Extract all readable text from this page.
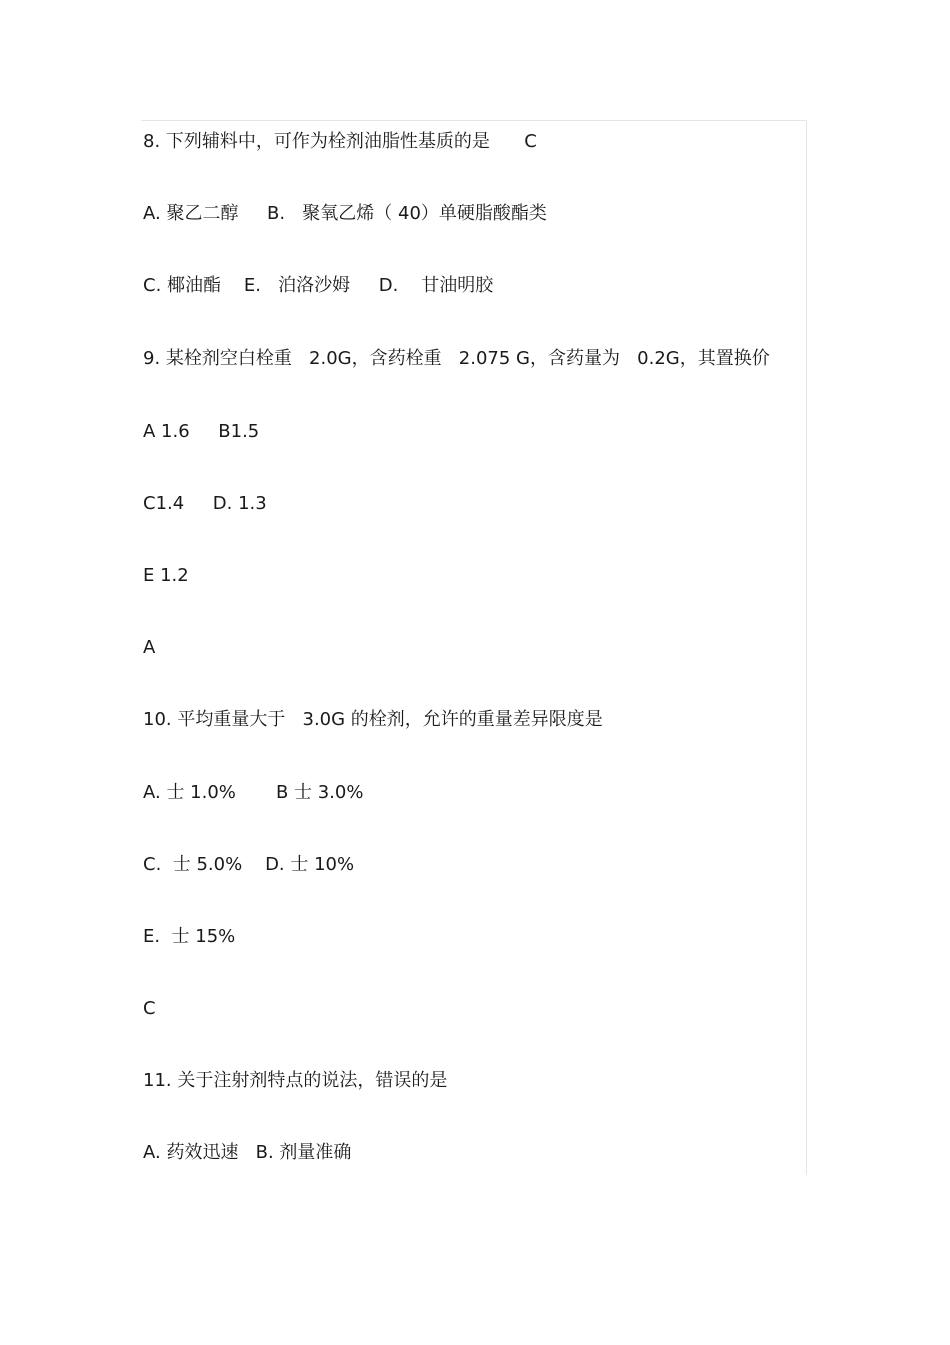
8. 下列辅料中，可作为栓剂油脂性基质的是      C
A. 聚乙二醇     B.   聚氧乙烯（ 40）单硬脂酸酯类
C. 椰油酯    E.   泊洛沙姆     D.    甘油明胶
9. 某栓剂空白栓重   2.0G，含药栓重   2.075 G，含药量为   0.2G，其置换价
A 1.6     B1.5
C1.4     D. 1.3
E 1.2
A
10. 平均重量大于   3.0G 的栓剂，允许的重量差异限度是
A. 士 1.0%       B 士 3.0%
C.  士 5.0%    D. 士 10%
E.  士 15%
C
11. 关于注射剂特点的说法，错误的是
A. 药效迅速   B. 剂量准确
